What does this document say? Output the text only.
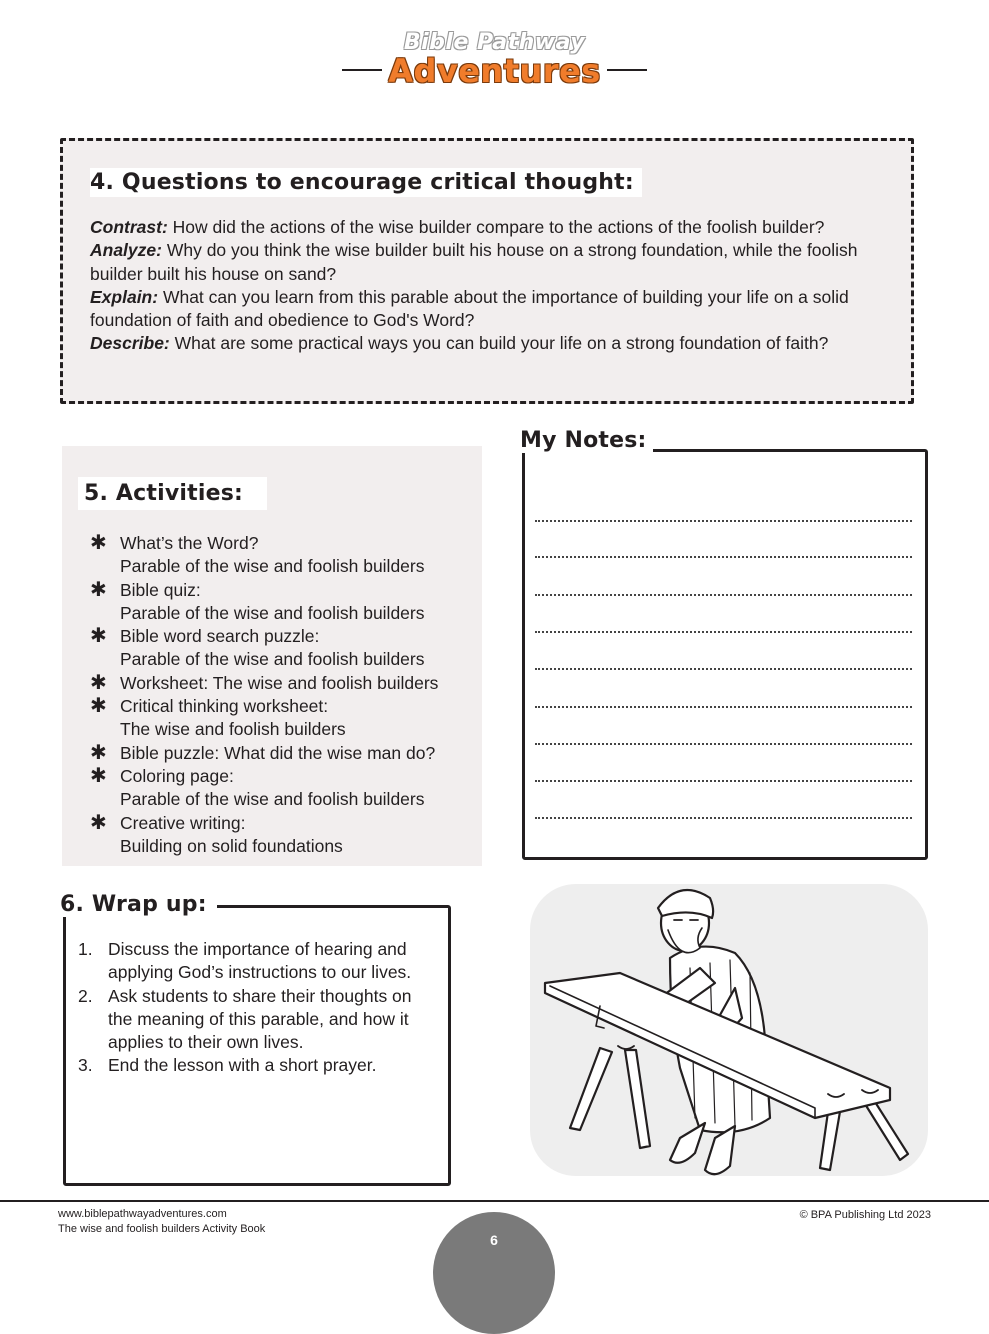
Bible Pathway
Adventures
4. Questions to encourage critical thought:

Contrast: How did the actions of the wise builder compare to the actions of the foolish builder?

Analyze: Why do you think the wise builder built his house on a strong foundation, while the foolish builder built his house on sand?

Explain: What can you learn from this parable about the importance of building your life on a solid foundation of faith and obedience to God's Word?

Describe: What are some practical ways you can build your life on a strong foundation of faith?

5. Activities:
✱ What’s the Word?
Parable of the wise and foolish builders
✱ Bible quiz:
Parable of the wise and foolish builders
✱ Bible word search puzzle:
Parable of the wise and foolish builders
✱ Worksheet: The wise and foolish builders
✱ Critical thinking worksheet:
The wise and foolish builders
✱ Bible puzzle: What did the wise man do?
✱ Coloring page:
Parable of the wise and foolish builders
✱ Creative writing:
Building on solid foundations
My Notes:
6. Wrap up:
1. Discuss the importance of hearing and applying God’s instructions to our lives.
2. Ask students to share their thoughts on the meaning of this parable, and how it applies to their own lives.
3. End the lesson with a short prayer.
www.biblepathwayadventures.com
The wise and foolish builders Activity Book
© BPA Publishing Ltd 2023
6
